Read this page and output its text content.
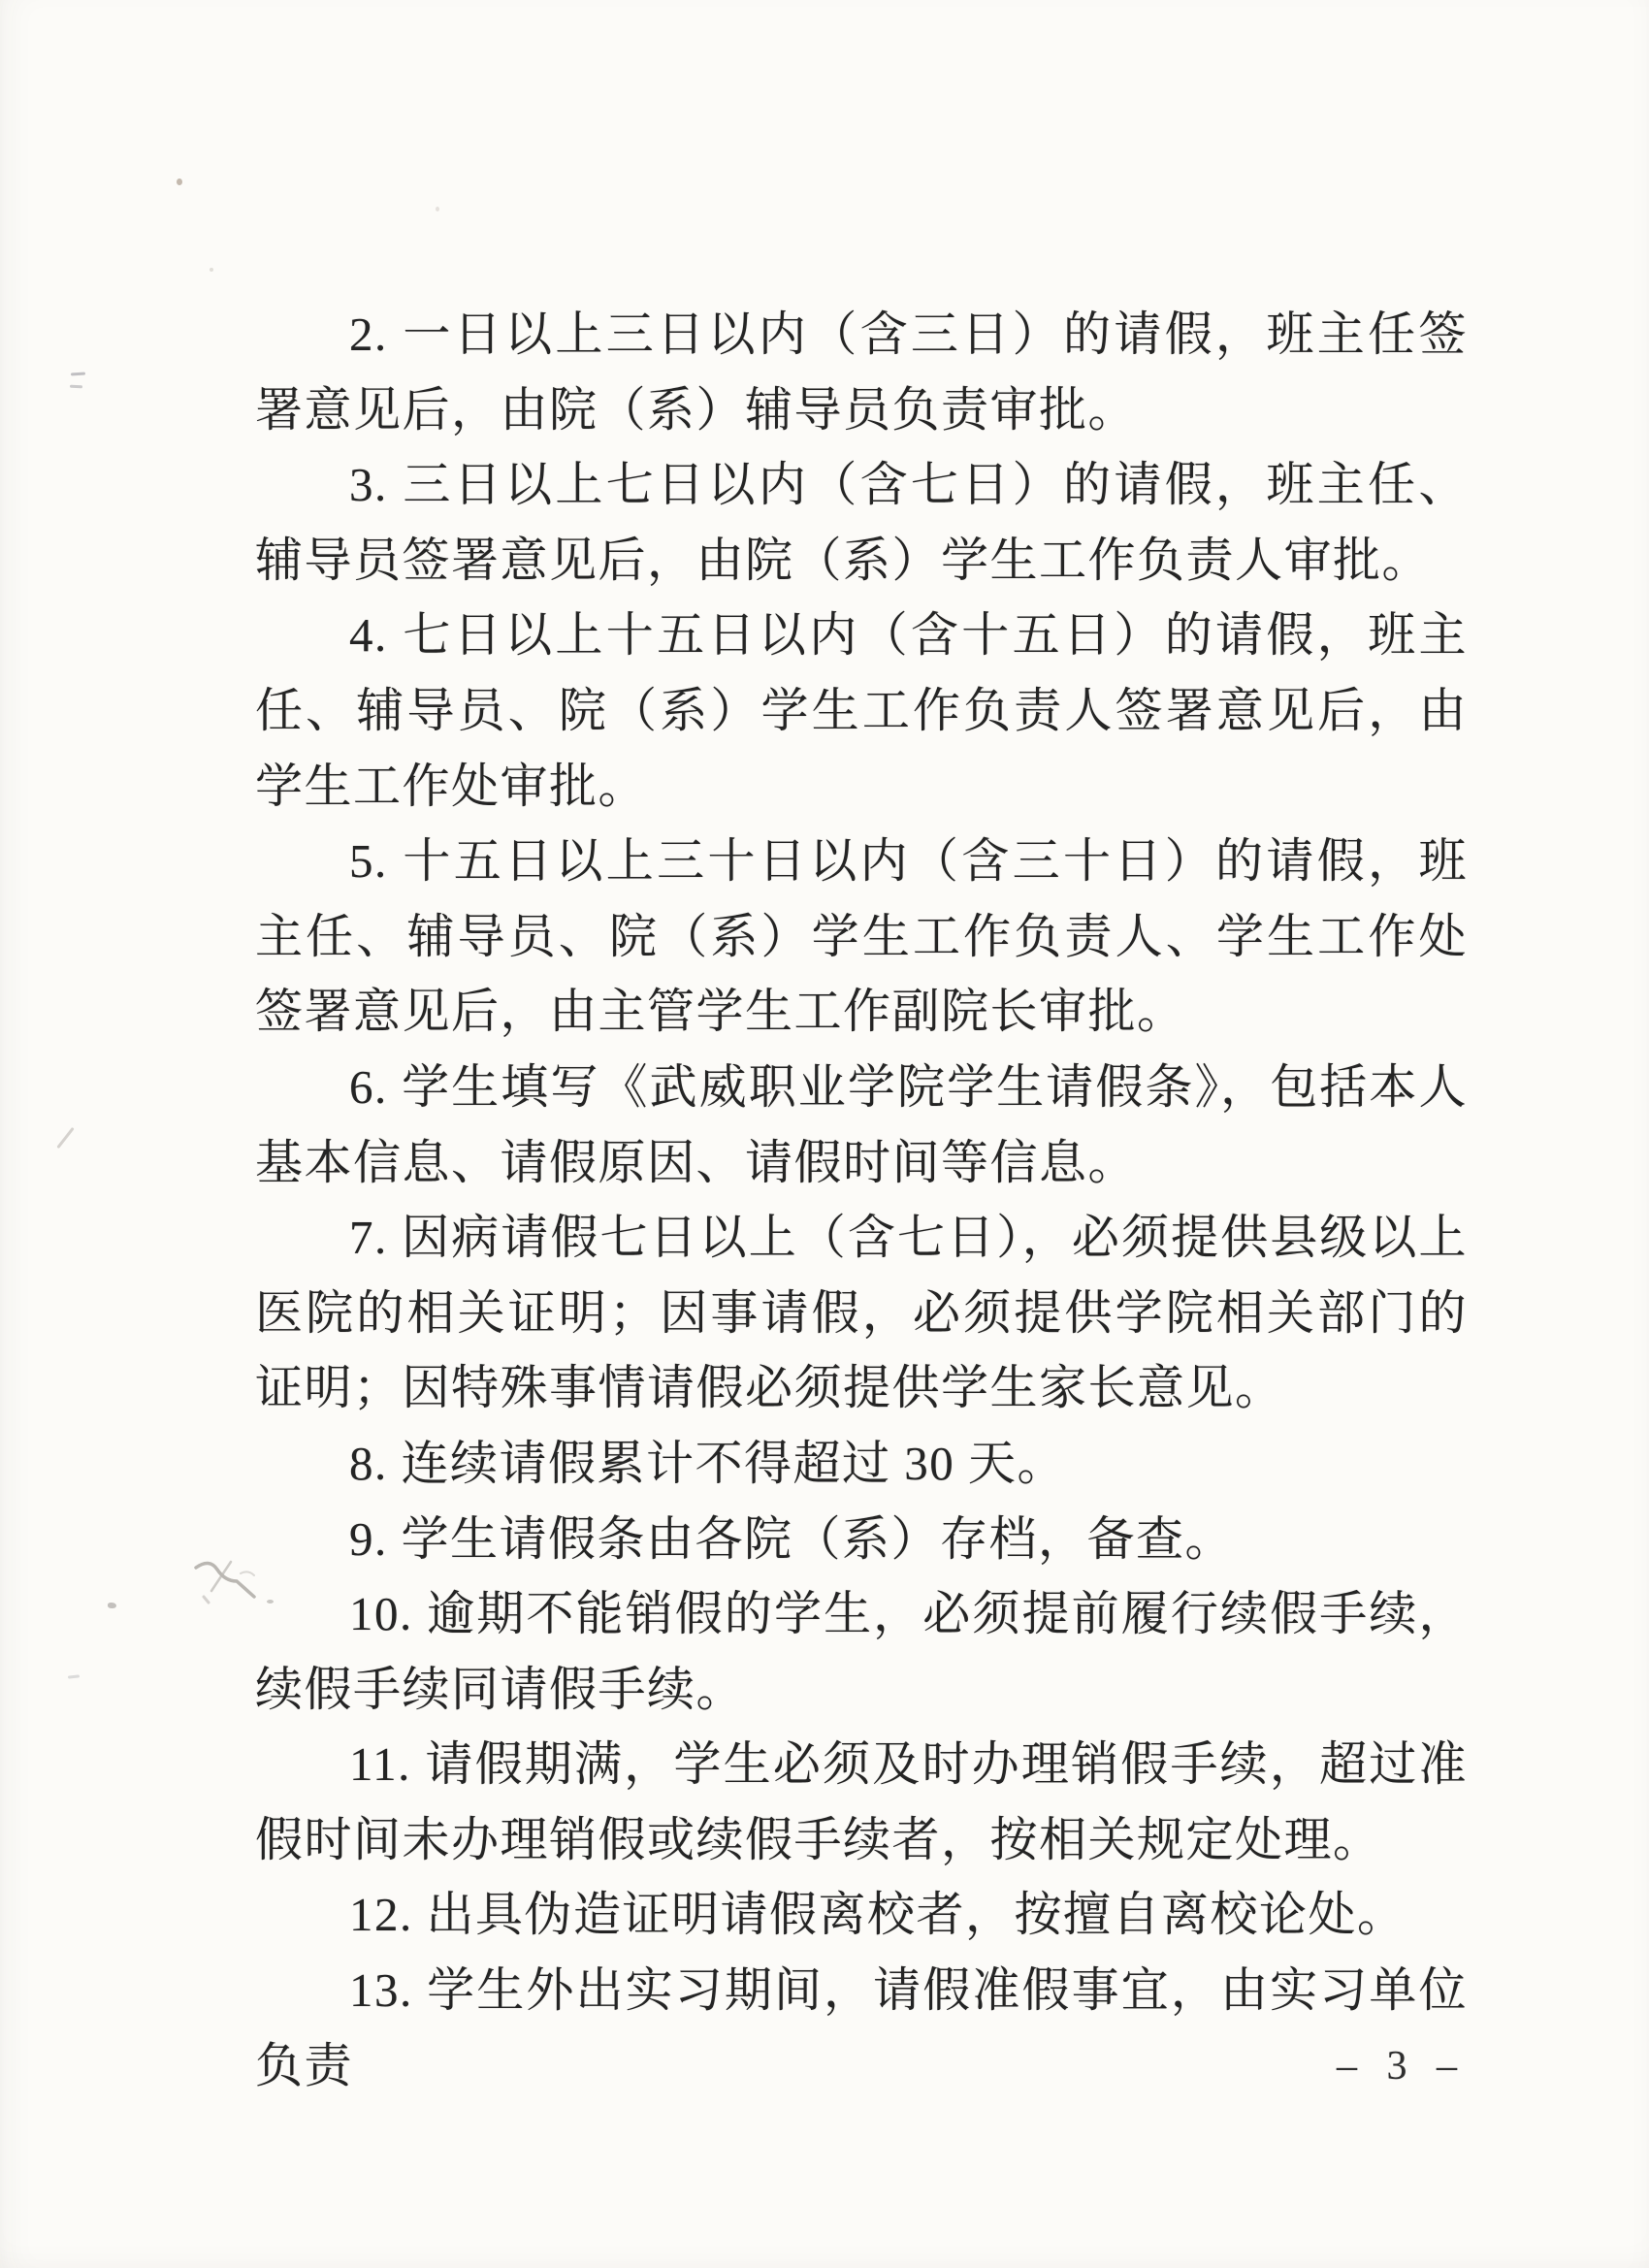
2. 一日以上三日以内（含三日）的请假，班主任签署意见后，由院（系）辅导员负责审批。

3. 三日以上七日以内（含七日）的请假，班主任、辅导员签署意见后，由院（系）学生工作负责人审批。

4. 七日以上十五日以内（含十五日）的请假，班主任、辅导员、院（系）学生工作负责人签署意见后，由学生工作处审批。

5. 十五日以上三十日以内（含三十日）的请假，班主任、辅导员、院（系）学生工作负责人、学生工作处签署意见后，由主管学生工作副院长审批。

6. 学生填写《武威职业学院学生请假条》，包括本人基本信息、请假原因、请假时间等信息。

7. 因病请假七日以上（含七日），必须提供县级以上医院的相关证明；因事请假，必须提供学院相关部门的证明；因特殊事情请假必须提供学生家长意见。

8. 连续请假累计不得超过 30 天。

9. 学生请假条由各院（系）存档，备查。

10. 逾期不能销假的学生，必须提前履行续假手续，续假手续同请假手续。

11. 请假期满，学生必须及时办理销假手续，超过准假时间未办理销假或续假手续者，按相关规定处理。

12. 出具伪造证明请假离校者，按擅自离校论处。

13. 学生外出实习期间，请假准假事宜，由实习单位负责	– 3 –
